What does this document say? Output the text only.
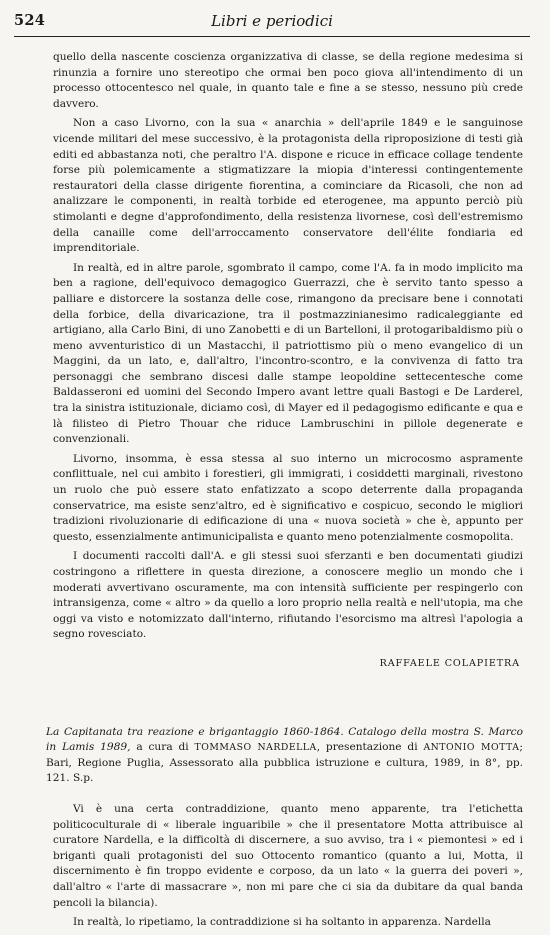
524	Libri e periodici

quello della nascente coscienza organizzativa di classe, se della regione medesima si rinunzia a fornire uno stereotipo che ormai ben poco giova all'intendimento di un processo ottocentesco nel quale, in quanto tale e fine a se stesso, nessuno più crede davvero.

Non a caso Livorno, con la sua « anarchia » dell'aprile 1849 e le sanguinose vicende militari del mese successivo, è la protagonista della riproposizione di testi già editi ed abbastanza noti, che peraltro l'A. dispone e ricuce in efficace collage tendente forse più polemicamente a stigmatizzare la miopia d'interessi contingentemente restauratori della classe dirigente fiorentina, a cominciare da Ricasoli, che non ad analizzare le componenti, in realtà torbide ed eterogenee, ma appunto perciò più stimolanti e degne d'approfondimento, della resistenza livornese, così dell'estremismo della canaille come dell'arroccamento conservatore dell'élite fondiaria ed imprenditoriale.

In realtà, ed in altre parole, sgombrato il campo, come l'A. fa in modo implicito ma ben a ragione, dell'equivoco demagogico Guerrazzi, che è servito tanto spesso a palliare e distorcere la sostanza delle cose, rimangono da precisare bene i connotati della forbice, della divaricazione, tra il postmazzinianesimo radicaleggiante ed artigiano, alla Carlo Bini, di uno Zanobetti e di un Bartelloni, il protogaribaldismo più o meno avventuristico di un Mastacchi, il patriottismo più o meno evangelico di un Maggini, da un lato, e, dall'altro, l'incontro-scontro, e la convivenza di fatto tra personaggi che sembrano discesi dalle stampe leopoldine settecentesche come Baldasseroni ed uomini del Secondo Impero avant lettre quali Bastogi e De Larderel, tra la sinistra istituzionale, diciamo così, di Mayer ed il pedagogismo edificante e qua e là filisteo di Pietro Thouar che riduce Lambruschini in pillole degenerate e convenzionali.

Livorno, insomma, è essa stessa al suo interno un microcosmo aspramente conflittuale, nel cui ambito i forestieri, gli immigrati, i cosiddetti marginali, rivestono un ruolo che può essere stato enfatizzato a scopo deterrente dalla propaganda conservatrice, ma esiste senz'altro, ed è significativo e cospicuo, secondo le migliori tradizioni rivoluzionarie di edificazione di una « nuova società » che è, appunto per questo, essenzialmente antimunicipalista e quanto meno potenzialmente cosmopolita.

I documenti raccolti dall'A. e gli stessi suoi sferzanti e ben documentati giudizi costringono a riflettere in questa direzione, a conoscere meglio un mondo che i moderati avvertivano oscuramente, ma con intensità sufficiente per respingerlo con intransigenza, come « altro » da quello a loro proprio nella realtà e nell'utopia, ma che oggi va visto e notomizzato dall'interno, rifiutando l'esorcismo ma altresì l'apologia a segno rovesciato.

RAFFAELE COLAPIETRA
La Capitanata tra reazione e brigantaggio 1860-1864. Catalogo della mostra S. Marco in Lamis 1989, a cura di TOMMASO NARDELLA, presentazione di ANTONIO MOTTA; Bari, Regione Puglia, Assessorato alla pubblica istruzione e cultura, 1989, in 8°, pp. 121. S.p.

Vi è una certa contraddizione, quanto meno apparente, tra l'etichetta politicoculturale di « liberale inguaribile » che il presentatore Motta attribuisce al curatore Nardella, e la difficoltà di discernere, a suo avviso, tra i « piemontesi » ed i briganti quali protagonisti del suo Ottocento romantico (quanto a lui, Motta, il discernimento è fin troppo evidente e corposo, da un lato « la guerra dei poveri », dall'altro « l'arte di massacrare », non mi pare che ci sia da dubitare da qual banda pencoli la bilancia).

In realtà, lo ripetiamo, la contraddizione si ha soltanto in apparenza. Nardella
